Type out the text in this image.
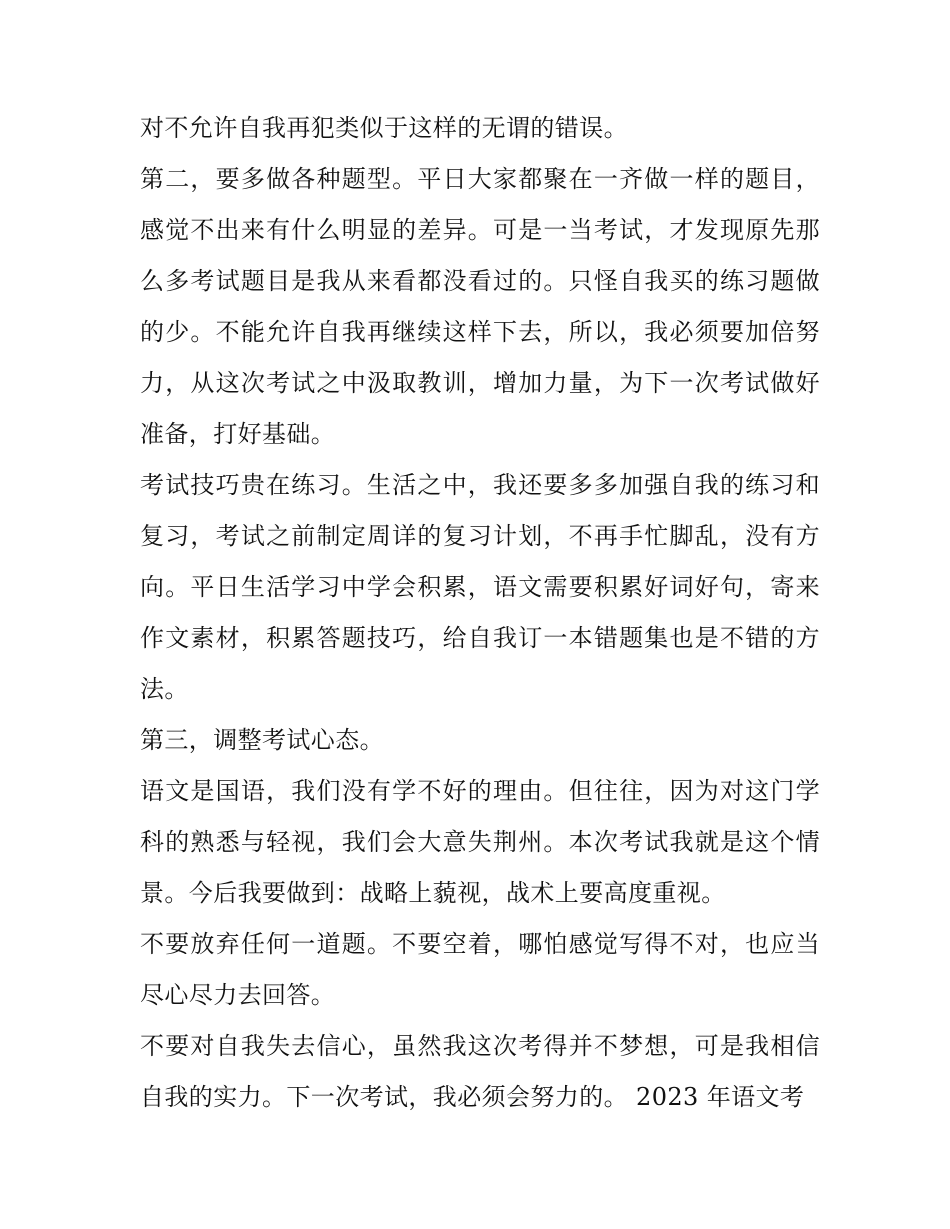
对不允许自我再犯类似于这样的无谓的错误。

第二，要多做各种题型。平日大家都聚在一齐做一样的题目，感觉不出来有什么明显的差异。可是一当考试，才发现原先那么多考试题目是我从来看都没看过的。只怪自我买的练习题做的少。不能允许自我再继续这样下去，所以，我必须要加倍努力，从这次考试之中汲取教训，增加力量，为下一次考试做好准备，打好基础。

考试技巧贵在练习。生活之中，我还要多多加强自我的练习和复习，考试之前制定周详的复习计划，不再手忙脚乱，没有方向。平日生活学习中学会积累，语文需要积累好词好句，寄来作文素材，积累答题技巧，给自我订一本错题集也是不错的方法。

第三，调整考试心态。

语文是国语，我们没有学不好的理由。但往往，因为对这门学科的熟悉与轻视，我们会大意失荆州。本次考试我就是这个情景。今后我要做到：战略上藐视，战术上要高度重视。

不要放弃任何一道题。不要空着，哪怕感觉写得不对，也应当尽心尽力去回答。

不要对自我失去信心，虽然我这次考得并不梦想，可是我相信自我的实力。下一次考试，我必须会努力的。 2023 年语文考
